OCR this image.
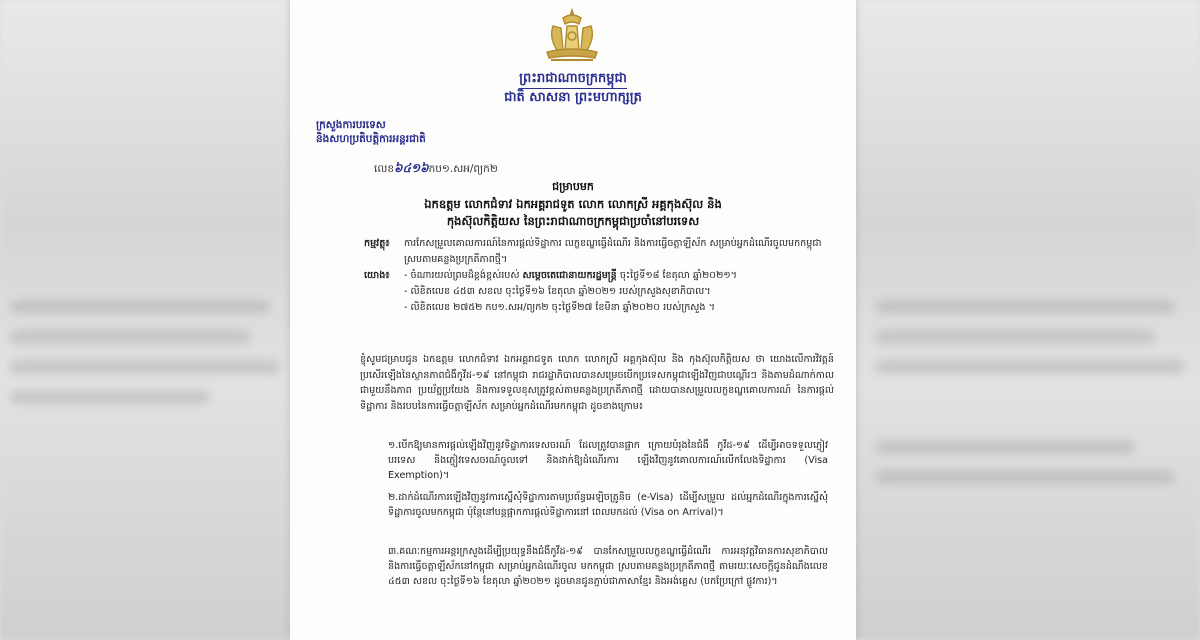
ព្រះរាជាណាចក្រកម្ពុជា
ជាតិ សាសនា ព្រះមហាក្សត្រ
ក្រសួងការបរទេស
និងសហប្រតិបត្តិការអន្តរជាតិ
លេខ៦៤១៦កប១.សអ/ព្យក២
ជម្រាបមក
ឯកឧត្តម លោកជំទាវ ឯកអគ្គរាជទូត លោក លោកស្រី អគ្គកុងស៊ុល និង
កុងស៊ុលកិត្តិយស នៃព្រះរាជាណាចក្រកម្ពុជាប្រចាំនៅបរទេស
កម្មវត្ថុ៖ ការកែសម្រួលគោលការណ៍នៃការផ្ដល់ទិដ្ឋាការ លក្ខខណ្ឌធ្វើដំណើរ និងការធ្វើចត្តាឡីស័ក សម្រាប់អ្នកដំណើរចូលមកកម្ពុជា ស្របតាមគន្លងប្រក្រតីភាពថ្មី។
យោង៖ - ចំណារយល់ព្រមដ៏ខ្ពង់ខ្ពស់របស់ សម្តេចតេជោនាយករដ្ឋមន្ត្រី ចុះថ្ងៃទី១៨ ខែតុលា ឆ្នាំ២០២១។
- លិខិតលេខ ៤៥៣ សខល ចុះថ្ងៃទី១៦ ខែតុលា ឆ្នាំ២០២១ របស់ក្រសួងសុខាភិបាល។
- លិខិតលេខ ២៧៥២ កប១.សអ/ព្យក២ ចុះថ្ងៃទី២៧ ខែមិនា ឆ្នាំ២០២០ របស់ក្រសួង ។
ខ្ញុំសូមជម្រាបជូន ឯកឧត្តម លោកជំទាវ ឯកអគ្គរាជទូត លោក លោកស្រី អគ្គកុងស៊ុល និង កុងស៊ុលកិត្តិយស ថា យោងលើការវិវត្តន៍ប្រសើរឡើងនៃស្ថានភាពជំងឺកូវីដ-១៩ នៅកម្ពុជា រាជរដ្ឋាភិបាលបានសម្រេចបើកប្រទេសកម្ពុជាឡើងវិញជាបណ្តើរៗ និងតាមដំណាក់កាលជាមួយនឹងភាព ប្រយ័ត្នប្រយែង និងការទទួលខុសត្រូវខ្ពស់តាមគន្លងប្រក្រតីភាពថ្មី ដោយបានសម្រួលលក្ខខណ្ឌគោលការណ៍ នៃការផ្ដល់ទិដ្ឋាការ និងរបបនៃការធ្វើចត្តាឡីស័ក សម្រាប់អ្នកដំណើរមកកម្ពុជា ដូចខាងក្រោម៖
១.បើកឱ្យមានការផ្ដល់ឡើងវិញនូវទិដ្ឋាការទេសចរណ៍ ដែលត្រូវបានផ្អាក ក្រោយបំរុងនៃជំងឺ កូវីដ-១៩ ដើម្បីអាចទទួលភ្ញៀវបរទេស និងភ្ញៀវទេសចរណ៍ចូលទៅ និងដាក់ឱ្យដំណើរការ ឡើងវិញនូវគោលការណ៍លើកលែងទិដ្ឋាការ (Visa Exemption)។
២.ដាក់ដំណើរការឡើងវិញនូវការស្នើសុំទិដ្ឋាការតាមប្រព័ន្ធអេឡិចត្រូនិច (e-Visa) ដើម្បីសម្រួល ដល់អ្នកដំណើរក្នុងការស្នើសុំទិដ្ឋាការចូលមកកម្ពុជា ប៉ុន្តែនៅបន្តផ្អាកការផ្ដល់ទិដ្ឋាការនៅ ពេលមកដល់ (Visa on Arrival)។
៣.គណៈកម្មការអន្តរក្រសួងដើម្បីប្រយុទ្ធនឹងជំងឺកូវីដ-១៩ បានកែសម្រួលលក្ខខណ្ឌធ្វើដំណើរ ការអនុវត្តវិធានការសុខាភិបាល និងការធ្វើចត្តាឡីស័កនៅកម្ពុជា សម្រាប់អ្នកដំណើរចូល មកកម្ពុជា ស្របតាមគន្លងប្រក្រតីភាពថ្មី តាមរយៈសេចក្តីជូនដំណឹងលេខ ៤៥៣ សខល ចុះថ្ងៃទី១៦ ខែតុលា ឆ្នាំ២០២១ ដូចមានជូនភ្ជាប់ជាភាសាខ្មែរ និងអង់គ្លេស (បកប្រែក្រៅ ផ្លូវការ)។
